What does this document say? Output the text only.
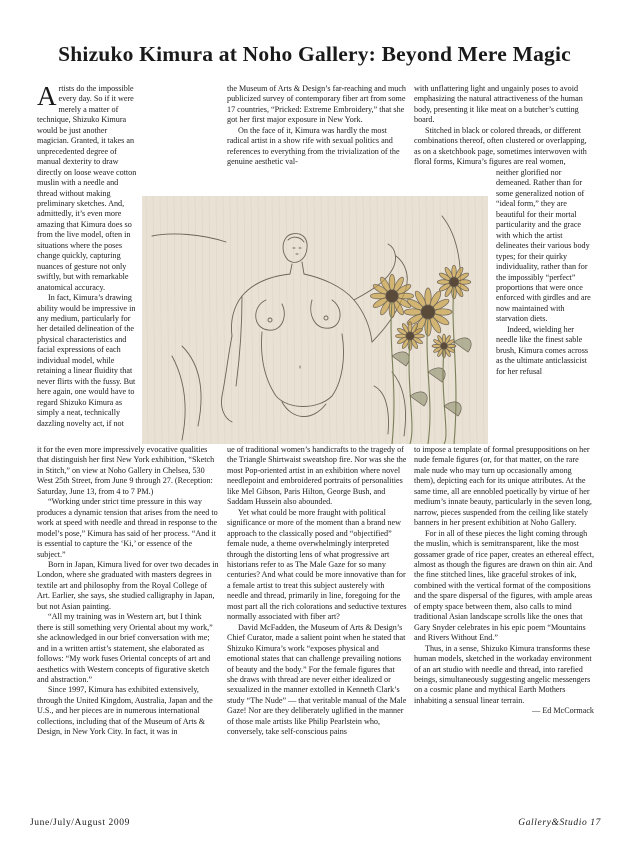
Shizuko Kimura at Noho Gallery: Beyond Mere Magic

Artists do the impossible every day. So if it were merely a matter of technique, Shizuko Kimura would be just another magician. Granted, it takes an unprecedented degree of manual dexterity to draw directly on loose weave cotton muslin with a needle and thread without making preliminary sketches. And, admittedly, it’s even more amazing that Kimura does so from the live model, often in situations where the poses change quickly, capturing nuances of gesture not only swiftly, but with remarkable anatomical accuracy.

In fact, Kimura’s drawing ability would be impressive in any medium, particularly for her detailed delineation of the physical characteristics and facial expressions of each individual model, while retaining a linear fluidity that never flirts with the fussy. But here again, one would have to regard Shizuko Kimura as simply a neat, technically dazzling novelty act, if not

it for the even more impressively evocative qualities that distinguish her first New York exhibition, “Sketch in Stitch,” on view at Noho Gallery in Chelsea, 530 West 25th Street, from June 9 through 27. (Reception: Saturday, June 13, from 4 to 7 PM.)

“Working under strict time pressure in this way produces a dynamic tension that arises from the need to work at speed with needle and thread in response to the model’s pose,” Kimura has said of her process. “And it is essential to capture the ‘Ki,’ or essence of the subject.”

Born in Japan, Kimura lived for over two decades in London, where she graduated with masters degrees in textile art and philosophy from the Royal College of Art. Earlier, she says, she studied calligraphy in Japan, but not Asian painting.

“All my training was in Western art, but I think there is still something very Oriental about my work,” she acknowledged in our brief conversation with me; and in a written artist’s statement, she elaborated as follows: “My work fuses Oriental concepts of art and aesthetics with Western concepts of figurative sketch and abstraction.”

Since 1997, Kimura has exhibited extensively, through the United Kingdom, Australia, Japan and the U.S., and her pieces are in numerous international collections, including that of the Museum of Arts & Design, in New York City. In fact, it was in

the Museum of Arts & Design’s far-reaching and much publicized survey of contemporary fiber art from some 17 countries, “Pricked: Extreme Embroidery,” that she got her first major exposure in New York.

On the face of it, Kimura was hardly the most radical artist in a show rife with sexual politics and references to everything from the trivialization of the genuine aesthetic val-

ue of traditional women’s handicrafts to the tragedy of the Triangle Shirtwaist sweatshop fire. Nor was she the most Pop-oriented artist in an exhibition where novel needlepoint and embroidered portraits of personalities like Mel Gibson, Paris Hilton, George Bush, and Saddam Hussein also abounded.

Yet what could be more fraught with political significance or more of the moment than a brand new approach to the classically posed and “objectified” female nude, a theme overwhelmingly interpreted through the distorting lens of what progressive art historians refer to as The Male Gaze for so many centuries? And what could be more innovative than for a female artist to treat this subject austerely with needle and thread, primarily in line, foregoing for the most part all the rich colorations and seductive textures normally associated with fiber art?

David McFadden, the Museum of Arts & Design’s Chief Curator, made a salient point when he stated that Shizuko Kimura’s work “exposes physical and emotional states that can challenge prevailing notions of beauty and the body.” For the female figures that she draws with thread are never either idealized or sexualized in the manner extolled in Kenneth Clark’s study “The Nude” — that veritable manual of the Male Gaze! Nor are they deliberately uglified in the manner of those male artists like Philip Pearlstein who, conversely, take self-conscious pains

with unflattering light and ungainly poses to avoid emphasizing the natural attractiveness of the human body, presenting it like meat on a butcher’s cutting board.

Stitched in black or colored threads, or different combinations thereof, often clustered or overlapping, as on a sketchbook page, sometimes interwoven with floral forms, Kimura’s figures are real women,

neither glorified nor demeaned. Rather than for some generalized notion of “ideal form,” they are beautiful for their mortal particularity and the grace with which the artist delineates their various body types; for their quirky individuality, rather than for the impossibly “perfect” proportions that were once enforced with girdles and are now maintained with starvation diets.

Indeed, wielding her needle like the finest sable brush, Kimura comes across as the ultimate anticlassicist for her refusal

to impose a template of formal presuppositions on her nude female figures (or, for that matter, on the rare male nude who may turn up occasionally among them), depicting each for its unique attributes. At the same time, all are ennobled poetically by virtue of her medium’s innate beauty, particularly in the seven long, narrow, pieces suspended from the ceiling like stately banners in her present exhibition at Noho Gallery.

For in all of these pieces the light coming through the muslin, which is semitransparent, like the most gossamer grade of rice paper, creates an ethereal effect, almost as though the figures are drawn on thin air. And the fine stitched lines, like graceful strokes of ink, combined with the vertical format of the compositions and the spare dispersal of the figures, with ample areas of empty space between them, also calls to mind traditional Asian landscape scrolls like the ones that Gary Snyder celebrates in his epic poem “Mountains and Rivers Without End.”

Thus, in a sense, Shizuko Kimura transforms these human models, sketched in the workaday environment of an art studio with needle and thread, into rarefied beings, simultaneously suggesting angelic messengers on a cosmic plane and mythical Earth Mothers inhabiting a sensual linear terrain.

— Ed McCormack

June/July/August 2009	Gallery&Studio 17
